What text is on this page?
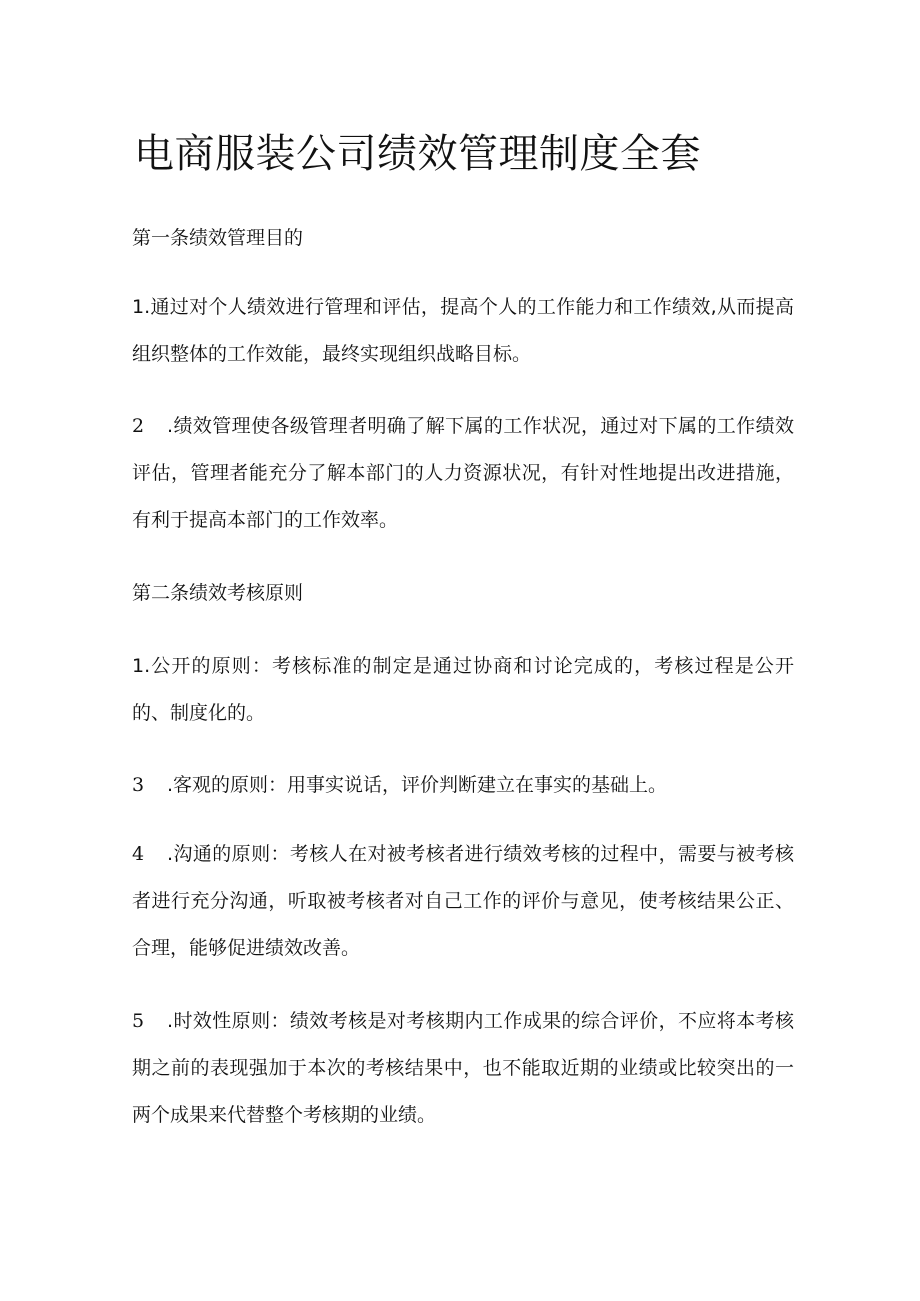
电商服装公司绩效管理制度全套

第一条绩效管理目的

1.通过对个人绩效进行管理和评估，提高个人的工作能力和工作绩效,从而提高组织整体的工作效能，最终实现组织战略目标。

2 .绩效管理使各级管理者明确了解下属的工作状况，通过对下属的工作绩效评估，管理者能充分了解本部门的人力资源状况，有针对性地提出改进措施，有利于提高本部门的工作效率。

第二条绩效考核原则

1.公开的原则：考核标准的制定是通过协商和讨论完成的，考核过程是公开的、制度化的。

3 .客观的原则：用事实说话，评价判断建立在事实的基础上。

4 .沟通的原则：考核人在对被考核者进行绩效考核的过程中，需要与被考核者进行充分沟通，听取被考核者对自己工作的评价与意见，使考核结果公正、合理，能够促进绩效改善。

5 .时效性原则：绩效考核是对考核期内工作成果的综合评价，不应将本考核期之前的表现强加于本次的考核结果中，也不能取近期的业绩或比较突出的一两个成果来代替整个考核期的业绩。
